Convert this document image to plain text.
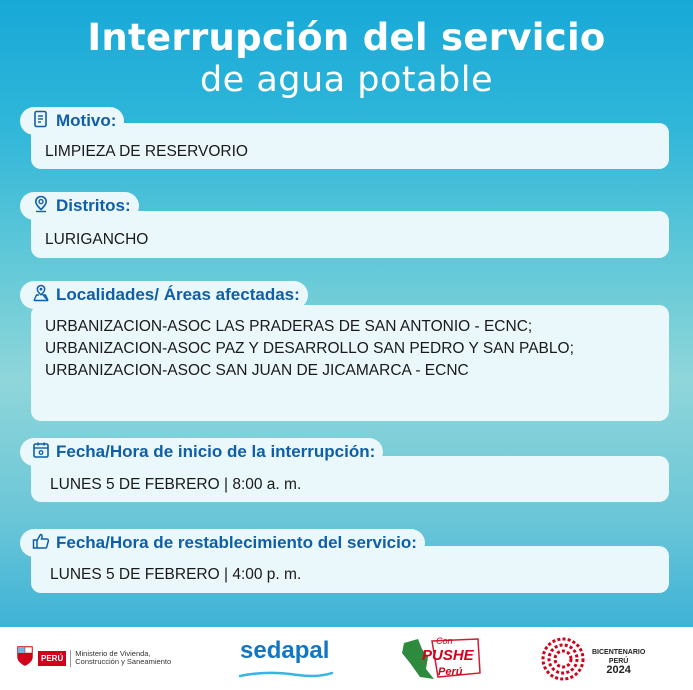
Interrupción del servicio
de agua potable
LIMPIEZA DE RESERVORIO
Motivo:
LURIGANCHO
Distritos:
URBANIZACION-ASOC LAS PRADERAS DE SAN ANTONIO - ECNC; URBANIZACION-ASOC PAZ Y DESARROLLO SAN PEDRO Y SAN PABLO; URBANIZACION-ASOC SAN JUAN DE JICAMARCA - ECNC
Localidades/ Áreas afectadas:
LUNES 5 DE FEBRERO | 8:00 a. m.
Fecha/Hora de inicio de la interrupción:
LUNES 5 DE FEBRERO | 4:00 p. m.
Fecha/Hora de restablecimiento del servicio:
PERÚ
Ministerio de Vivienda, Construcción y Saneamiento	sedapal	Con
PUSHE
Perú
BICENTENARIO
PERÚ
2024
